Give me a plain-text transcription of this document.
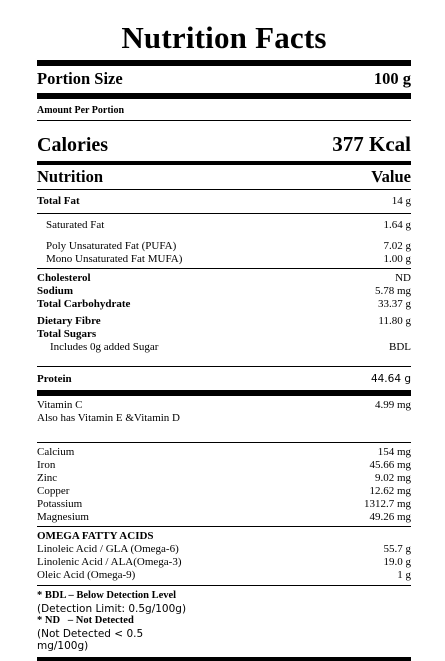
Nutrition Facts
Portion Size	100 g
Amount Per Portion
Calories	377 Kcal
Nutrition	Value
Total Fat	14 g
Saturated Fat	1.64 g
Poly Unsaturated Fat (PUFA)	7.02 g
Mono Unsaturated Fat MUFA)	1.00 g
Cholesterol	ND
Sodium	5.78 mg
Total Carbohydrate	33.37 g
Dietary Fibre	11.80 g
Total Sugars
Includes 0g added Sugar	BDL
Protein	44.64 g
Vitamin C	4.99 mg
Also has Vitamin E &Vitamin D
Calcium	154 mg
Iron	45.66 mg
Zinc	9.02 mg
Copper	12.62 mg
Potassium	1312.7 mg
Magnesium	49.26 mg
OMEGA FATTY ACIDS
Linoleic Acid / GLA (Omega-6)	55.7 g
Linolenic Acid / ALA(Omega-3)	19.0 g
Oleic Acid (Omega-9)	1 g
* BDL – Below Detection Level
(Detection Limit: 0.5g/100g)
* ND   – Not Detected
(Not Detected < 0.5
mg/100g)
